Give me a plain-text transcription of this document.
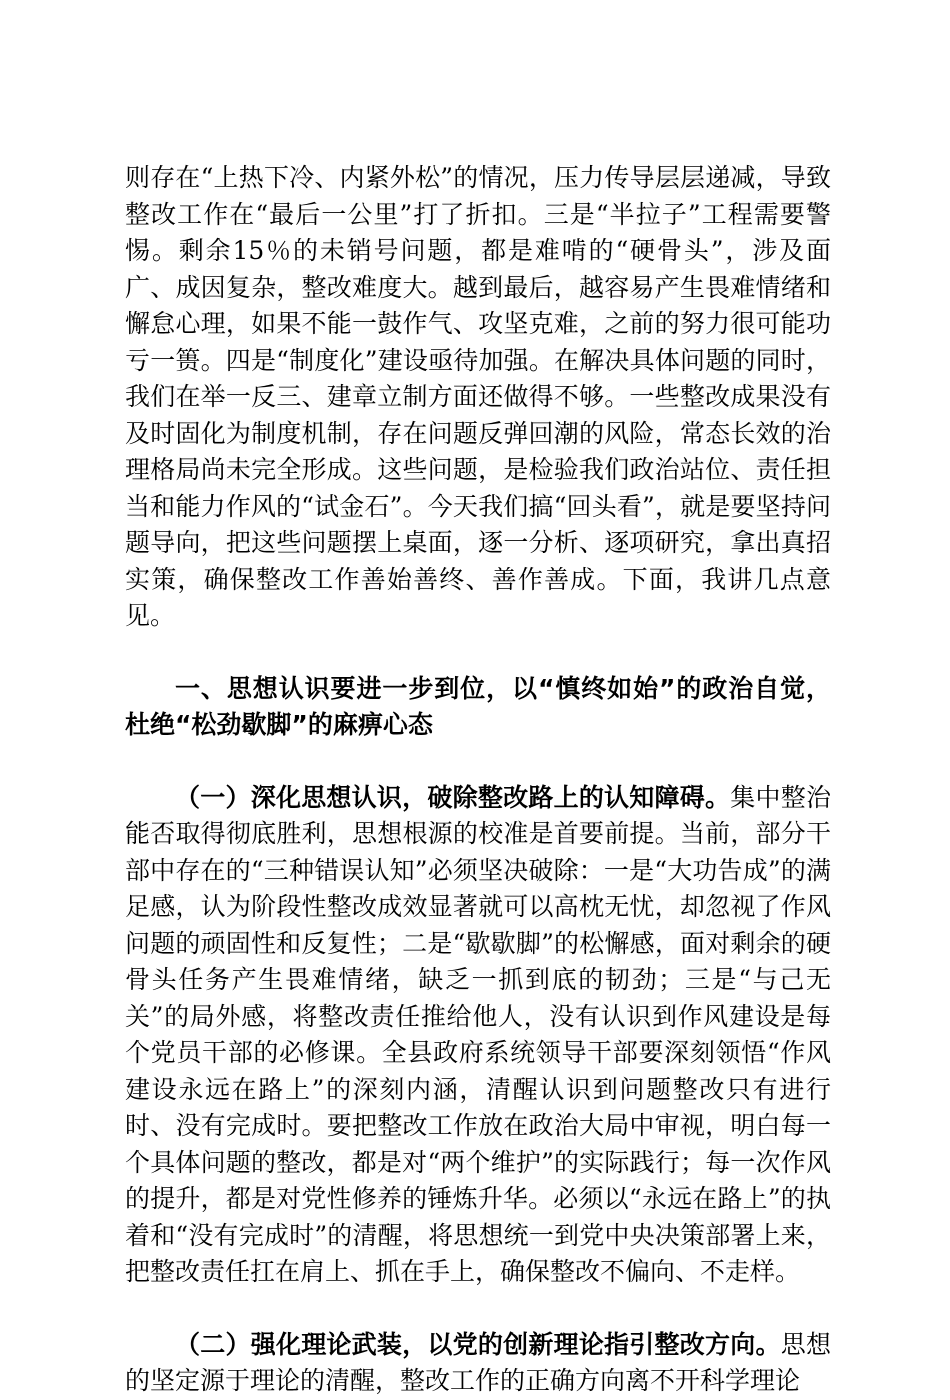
则存在“上热下冷、内紧外松”的情况，压力传导层层递减，导致整改工作在“最后一公里”打了折扣。三是“半拉子”工程需要警惕。剩余15％的未销号问题，都是难啃的“硬骨头”，涉及面广、成因复杂，整改难度大。越到最后，越容易产生畏难情绪和懈怠心理，如果不能一鼓作气、攻坚克难，之前的努力很可能功亏一篑。四是“制度化”建设亟待加强。在解决具体问题的同时，我们在举一反三、建章立制方面还做得不够。一些整改成果没有及时固化为制度机制，存在问题反弹回潮的风险，常态长效的治理格局尚未完全形成。这些问题，是检验我们政治站位、责任担当和能力作风的“试金石”。今天我们搞“回头看”，就是要坚持问题导向，把这些问题摆上桌面，逐一分析、逐项研究，拿出真招实策，确保整改工作善始善终、善作善成。下面，我讲几点意见。

一、思想认识要进一步到位，以“慎终如始”的政治自觉，杜绝“松劲歇脚”的麻痹心态

（一）深化思想认识，破除整改路上的认知障碍。集中整治能否取得彻底胜利，思想根源的校准是首要前提。当前，部分干部中存在的“三种错误认知”必须坚决破除：一是“大功告成”的满足感，认为阶段性整改成效显著就可以高枕无忧，却忽视了作风问题的顽固性和反复性；二是“歇歇脚”的松懈感，面对剩余的硬骨头任务产生畏难情绪，缺乏一抓到底的韧劲；三是“与己无关”的局外感，将整改责任推给他人，没有认识到作风建设是每个党员干部的必修课。全县政府系统领导干部要深刻领悟“作风建设永远在路上”的深刻内涵，清醒认识到问题整改只有进行时、没有完成时。要把整改工作放在政治大局中审视，明白每一个具体问题的整改，都是对“两个维护”的实际践行；每一次作风的提升，都是对党性修养的锤炼升华。必须以“永远在路上”的执着和“没有完成时”的清醒，将思想统一到党中央决策部署上来，把整改责任扛在肩上、抓在手上，确保整改不偏向、不走样。

（二）强化理论武装，以党的创新理论指引整改方向。思想的坚定源于理论的清醒，整改工作的正确方向离不开科学理论
